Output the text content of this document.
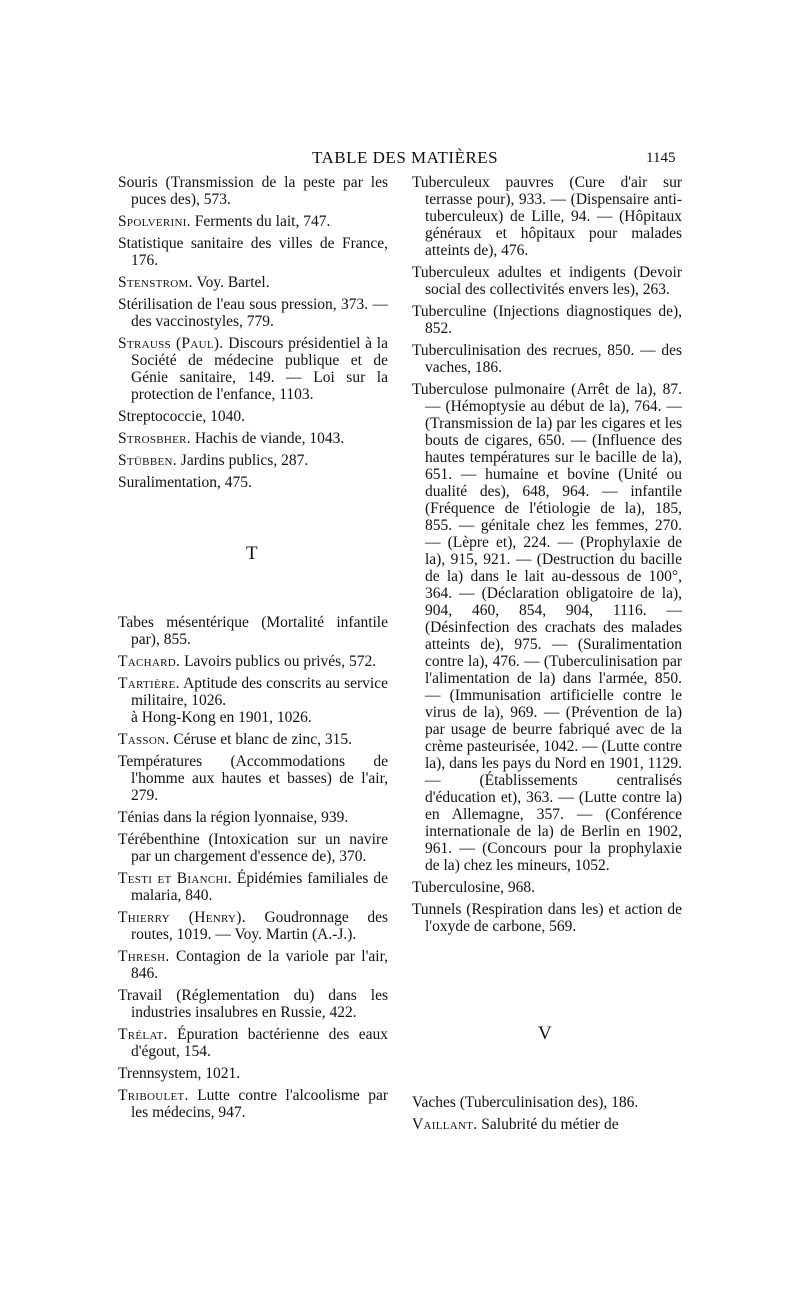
TABLE DES MATIÈRES	1145
Souris (Transmission de la peste par les puces des), 573.
Spolverini. Ferments du lait, 747.
Statistique sanitaire des villes de France, 176.
Stenstrom. Voy. Bartel.
Stérilisation de l'eau sous pression, 373. — des vaccinostyles, 779.
Strauss (Paul). Discours présidentiel à la Société de médecine publique et de Génie sanitaire, 149. — Loi sur la protection de l'enfance, 1103.
Streptococcie, 1040.
Strosbher. Hachis de viande, 1043.
Stübben. Jardins publics, 287.
Suralimentation, 475.
T
Tabes mésentérique (Mortalité infantile par), 855.
Tachard. Lavoirs publics ou privés, 572.
Tartière. Aptitude des conscrits au service militaire, 1026.
à Hong-Kong en 1901, 1026.
Tasson. Céruse et blanc de zinc, 315.
Températures (Accommodations de l'homme aux hautes et basses) de l'air, 279.
Ténias dans la région lyonnaise, 939.
Térébenthine (Intoxication sur un navire par un chargement d'essence de), 370.
Testi et Bianchi. Épidémies familiales de malaria, 840.
Thierry (Henry). Goudronnage des routes, 1019. — Voy. Martin (A.-J.).
Thresh. Contagion de la variole par l'air, 846.
Travail (Réglementation du) dans les industries insalubres en Russie, 422.
Trélat. Épuration bactérienne des eaux d'égout, 154.
Trennsystem, 1021.
Triboulet. Lutte contre l'alcoolisme par les médecins, 947.
Tuberculeux pauvres (Cure d'air sur terrasse pour), 933. — (Dispensaire anti-tuberculeux) de Lille, 94. — (Hôpitaux généraux et hôpitaux pour malades atteints de), 476.
Tuberculeux adultes et indigents (Devoir social des collectivités envers les), 263.
Tuberculine (Injections diagnostiques de), 852.
Tuberculinisation des recrues, 850. — des vaches, 186.
Tuberculose pulmonaire (Arrêt de la), 87. — (Hémoptysie au début de la), 764. — (Transmission de la) par les cigares et les bouts de cigares, 650. — (Influence des hautes températures sur le bacille de la), 651. — humaine et bovine (Unité ou dualité des), 648, 964. — infantile (Fréquence de l'étiologie de la), 185, 855. — génitale chez les femmes, 270. — (Lèpre et), 224. — (Prophylaxie de la), 915, 921. — (Destruction du bacille de la) dans le lait au-dessous de 100°, 364. — (Déclaration obligatoire de la), 904, 460, 854, 904, 1116. — (Désinfection des crachats des malades atteints de), 975. — (Suralimentation contre la), 476. — (Tuberculinisation par l'alimentation de la) dans l'armée, 850. — (Immunisation artificielle contre le virus de la), 969. — (Prévention de la) par usage de beurre fabriqué avec de la crème pasteurisée, 1042. — (Lutte contre la), dans les pays du Nord en 1901, 1129. — (Établissements centralisés d'éducation et), 363. — (Lutte contre la) en Allemagne, 357. — (Conférence internationale de la) de Berlin en 1902, 961. — (Concours pour la prophylaxie de la) chez les mineurs, 1052.
Tuberculosine, 968.
Tunnels (Respiration dans les) et action de l'oxyde de carbone, 569.
V
Vaches (Tuberculinisation des), 186.
Vaillant. Salubrité du métier de
